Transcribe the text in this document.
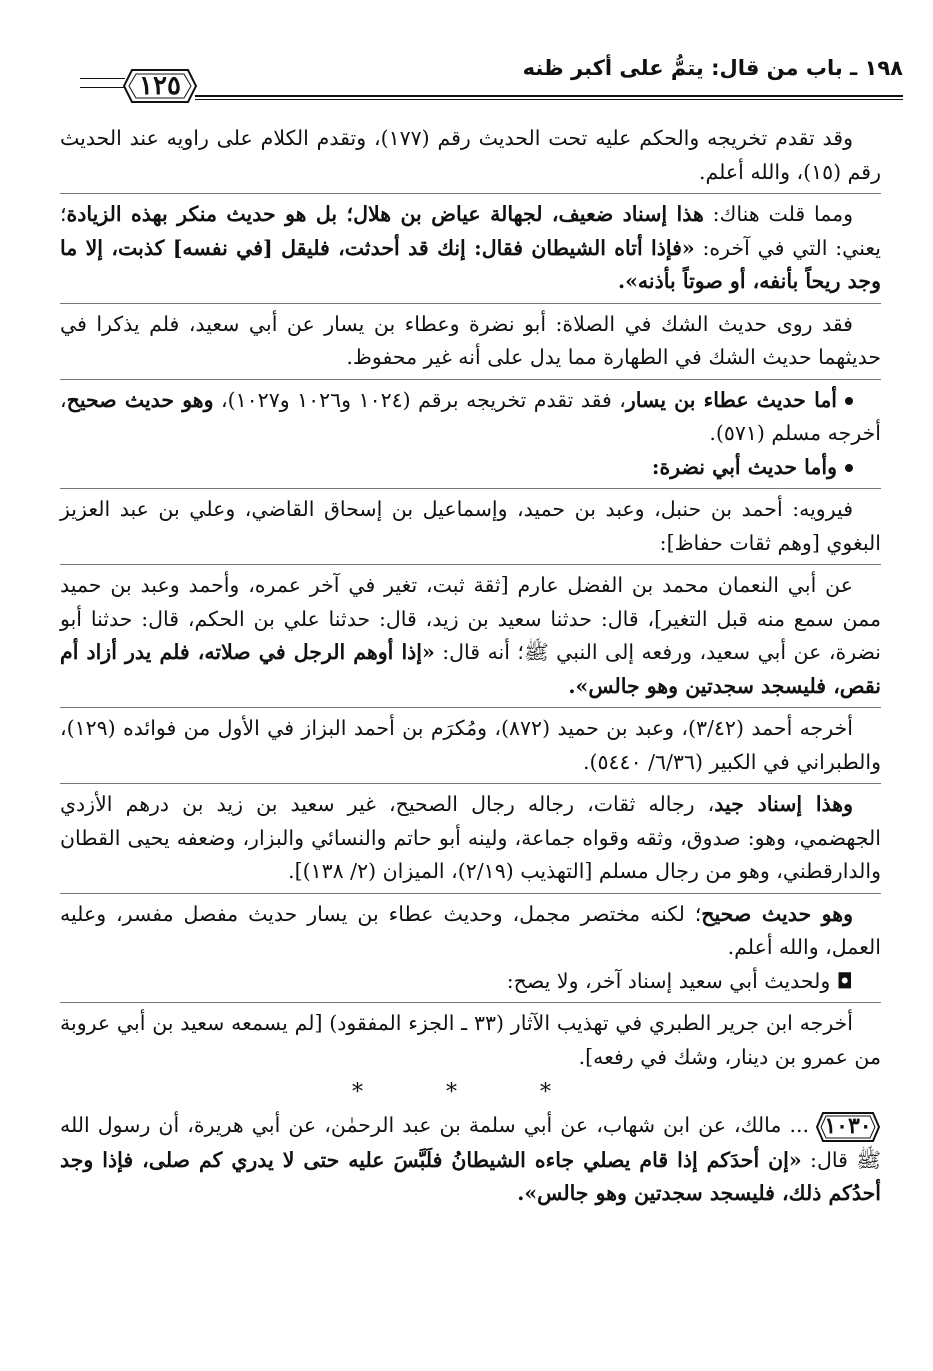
١٩٨ ـ باب من قال: يتمُّ على أكبر ظنه
١٢٥

وقد تقدم تخريجه والحكم عليه تحت الحديث رقم (١٧٧)، وتقدم الكلام على راويه عند الحديث رقم (١٥)، والله أعلم.

ومما قلت هناك: هذا إسناد ضعيف، لجهالة عياض بن هلال؛ بل هو حديث منكر بهذه الزيادة؛ يعني: التي في آخره: «فإذا أتاه الشيطان فقال: إنك قد أحدثت، فليقل [في نفسه] كذبت، إلا ما وجد ريحاً بأنفه، أو صوتاً بأذنه».

فقد روى حديث الشك في الصلاة: أبو نضرة وعطاء بن يسار عن أبي سعيد، فلم يذكرا في حديثهما حديث الشك في الطهارة مما يدل على أنه غير محفوظ.

أما حديث عطاء بن يسار، فقد تقدم تخريجه برقم (١٠٢٤ و١٠٢٦ و١٠٢٧)، وهو حديث صحيح، أخرجه مسلم (٥٧١).

وأما حديث أبي نضرة:

فيرويه: أحمد بن حنبل، وعبد بن حميد، وإسماعيل بن إسحاق القاضي، وعلي بن عبد العزيز البغوي [وهم ثقات حفاظ]:

عن أبي النعمان محمد بن الفضل عارم [ثقة ثبت، تغير في آخر عمره، وأحمد وعبد بن حميد ممن سمع منه قبل التغير]، قال: حدثنا سعيد بن زيد، قال: حدثنا علي بن الحكم، قال: حدثنا أبو نضرة، عن أبي سعيد، ورفعه إلى النبي ﷺ؛ أنه قال: «إذا أوهم الرجل في صلاته، فلم يدر أزاد أم نقص، فليسجد سجدتين وهو جالس».

أخرجه أحمد (٣/٤٢)، وعبد بن حميد (٨٧٢)، ومُكرَم بن أحمد البزاز في الأول من فوائده (١٢٩)، والطبراني في الكبير (٦/٣٦/ ٥٤٤٠).

وهذا إسناد جيد، رجاله ثقات، رجاله رجال الصحيح، غير سعيد بن زيد بن درهم الأزدي الجهضمي، وهو: صدوق، وثقه وقواه جماعة، ولينه أبو حاتم والنسائي والبزار، وضعفه يحيى القطان والدارقطني، وهو من رجال مسلم [التهذيب (٢/١٩)، الميزان (٢/ ١٣٨)].

وهو حديث صحيح؛ لكنه مختصر مجمل، وحديث عطاء بن يسار حديث مفصل مفسر، وعليه العمل، والله أعلم.

◘ ولحديث أبي سعيد إسناد آخر، ولا يصح:

أخرجه ابن جرير الطبري في تهذيب الآثار (٣٣ ـ الجزء المفقود) [لم يسمعه سعيد بن أبي عروبة من عمرو بن دينار، وشك في رفعه].

* * *

١٠٣٠
... مالك، عن ابن شهاب، عن أبي سلمة بن عبد الرحمٰن، عن أبي هريرة، أن رسول الله ﷺ قال: «إن أحدَكم إذا قام يصلي جاءه الشيطانُ فلَبَّسَ عليه حتى لا يدري كم صلى، فإذا وجد أحدُكم ذلك، فليسجد سجدتين وهو جالس».
